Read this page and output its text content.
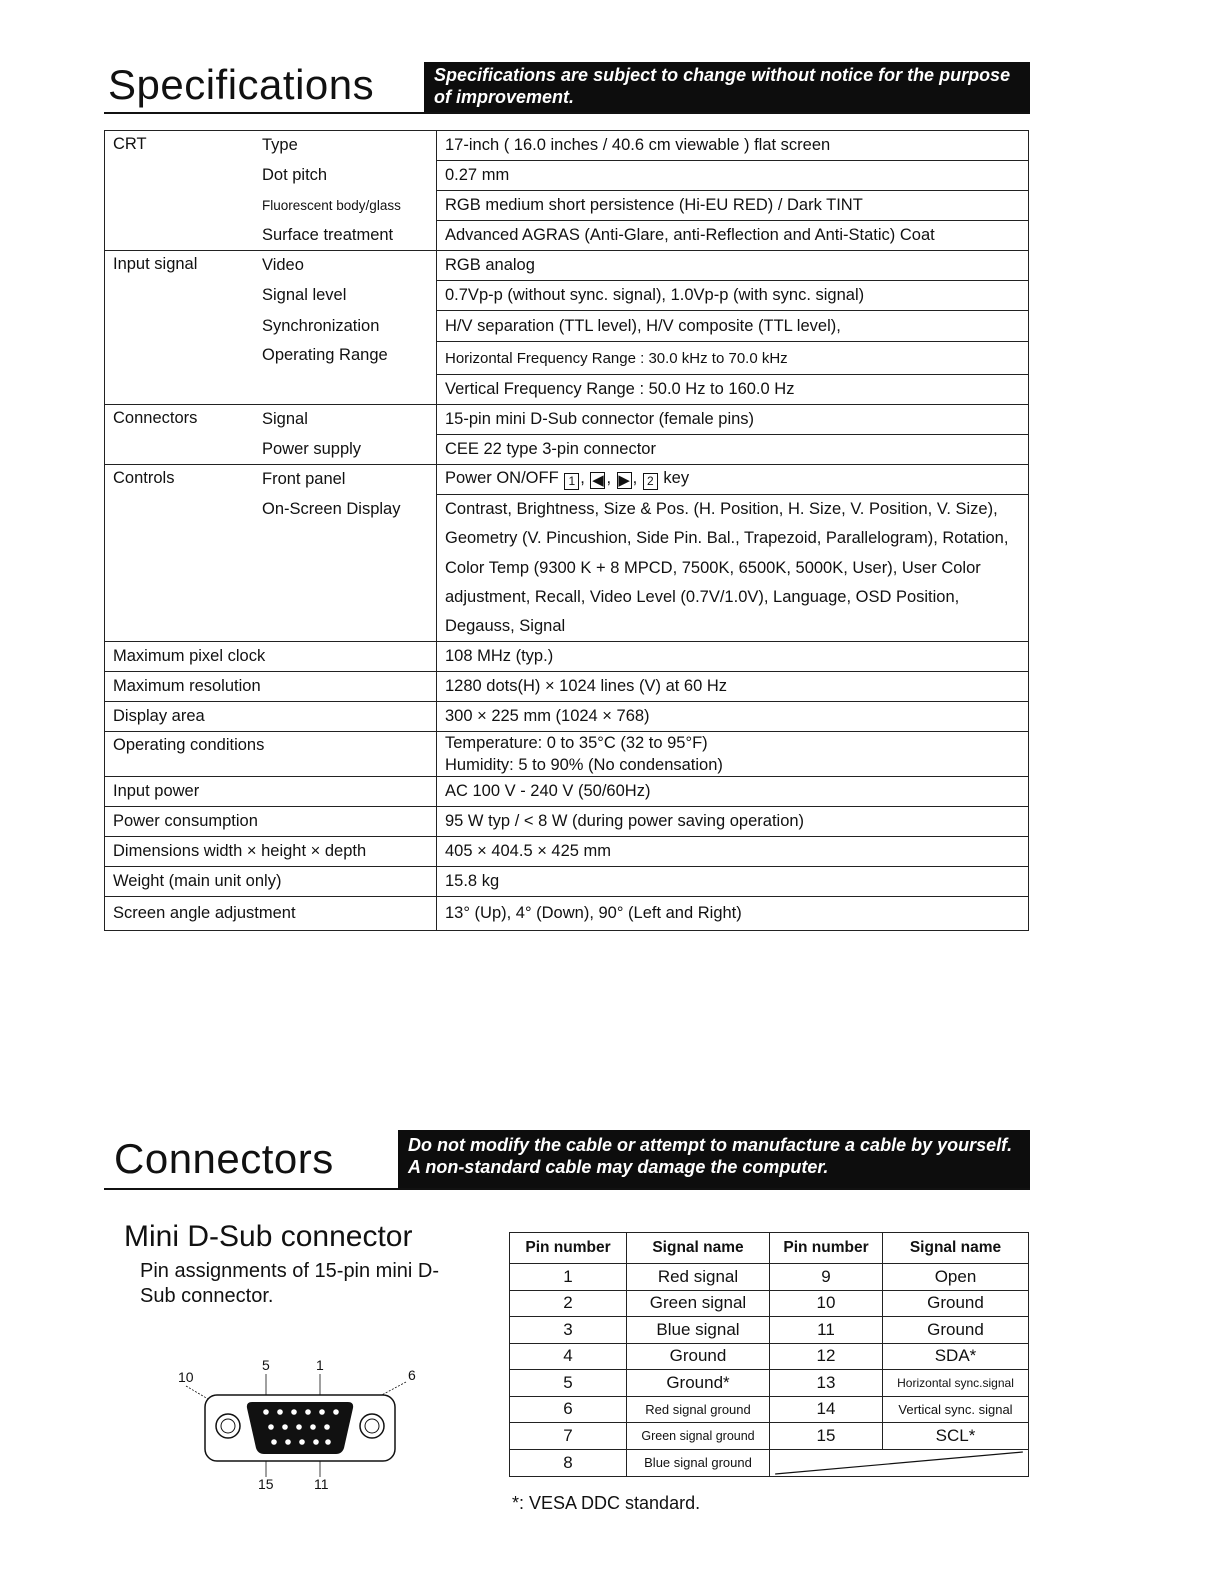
Specifications	Specifications are subject to change without notice for the purpose of improvement.
CRT	Type	17-inch ( 16.0 inches / 40.6 cm viewable ) flat screen
	Dot pitch	0.27 mm
	Fluorescent body/glass	RGB medium short persistence (Hi-EU RED) / Dark TINT
	Surface treatment	Advanced AGRAS (Anti-Glare, anti-Reflection and Anti-Static) Coat
Input signal	Video	RGB analog
	Signal level	0.7Vp-p (without sync. signal), 1.0Vp-p (with sync. signal)
	Synchronization	H/V separation (TTL level), H/V composite (TTL level),
	Operating Range	Horizontal Frequency Range : 30.0 kHz to 70.0 kHz
		Vertical Frequency Range : 50.0 Hz to 160.0 Hz
Connectors	Signal	15-pin mini D-Sub connector (female pins)
	Power supply	CEE 22 type 3-pin connector
Controls	Front panel	Power ON/OFF 1 , ◀ , ▶ , 2 key
	On-Screen Display	Contrast, Brightness, Size & Pos. (H. Position, H. Size, V. Position, V. Size), Geometry (V. Pincushion, Side Pin. Bal., Trapezoid, Parallelogram), Rotation, Color Temp (9300 K + 8 MPCD, 7500K, 6500K, 5000K, User), User Color adjustment, Recall, Video Level (0.7V/1.0V), Language, OSD Position, Degauss, Signal
Maximum pixel clock		108 MHz (typ.)
Maximum resolution		1280 dots(H) × 1024 lines (V) at 60 Hz
Display area		300 × 225 mm (1024 × 768)
Operating conditions		Temperature: 0 to 35°C (32 to 95°F)
Humidity: 5 to 90% (No condensation)

Input power		AC 100 V - 240 V (50/60Hz)
Power consumption		95 W typ / < 8 W (during power saving operation)
Dimensions width × height × depth		405 × 404.5 × 425 mm
Weight (main unit only)		15.8 kg
Screen angle adjustment		13° (Up), 4° (Down), 90° (Left and Right)
Connectors	Do not modify the cable or attempt to manufacture a cable by yourself. A non-standard cable may damage the computer.
Mini D-Sub connector
Pin assignments of 15-pin mini D-Sub connector.
10
5	1
6
15	11
Pin number	Signal name	Pin number	Signal name
1	Red signal	9	Open
2	Green signal	10	Ground
3	Blue signal	11	Ground
4	Ground	12	SDA*
5	Ground*	13	Horizontal sync.signal
6	Red signal ground	14	Vertical sync. signal
7	Green signal ground	15	SCL*
8	Blue signal ground	
*: VESA DDC standard.
